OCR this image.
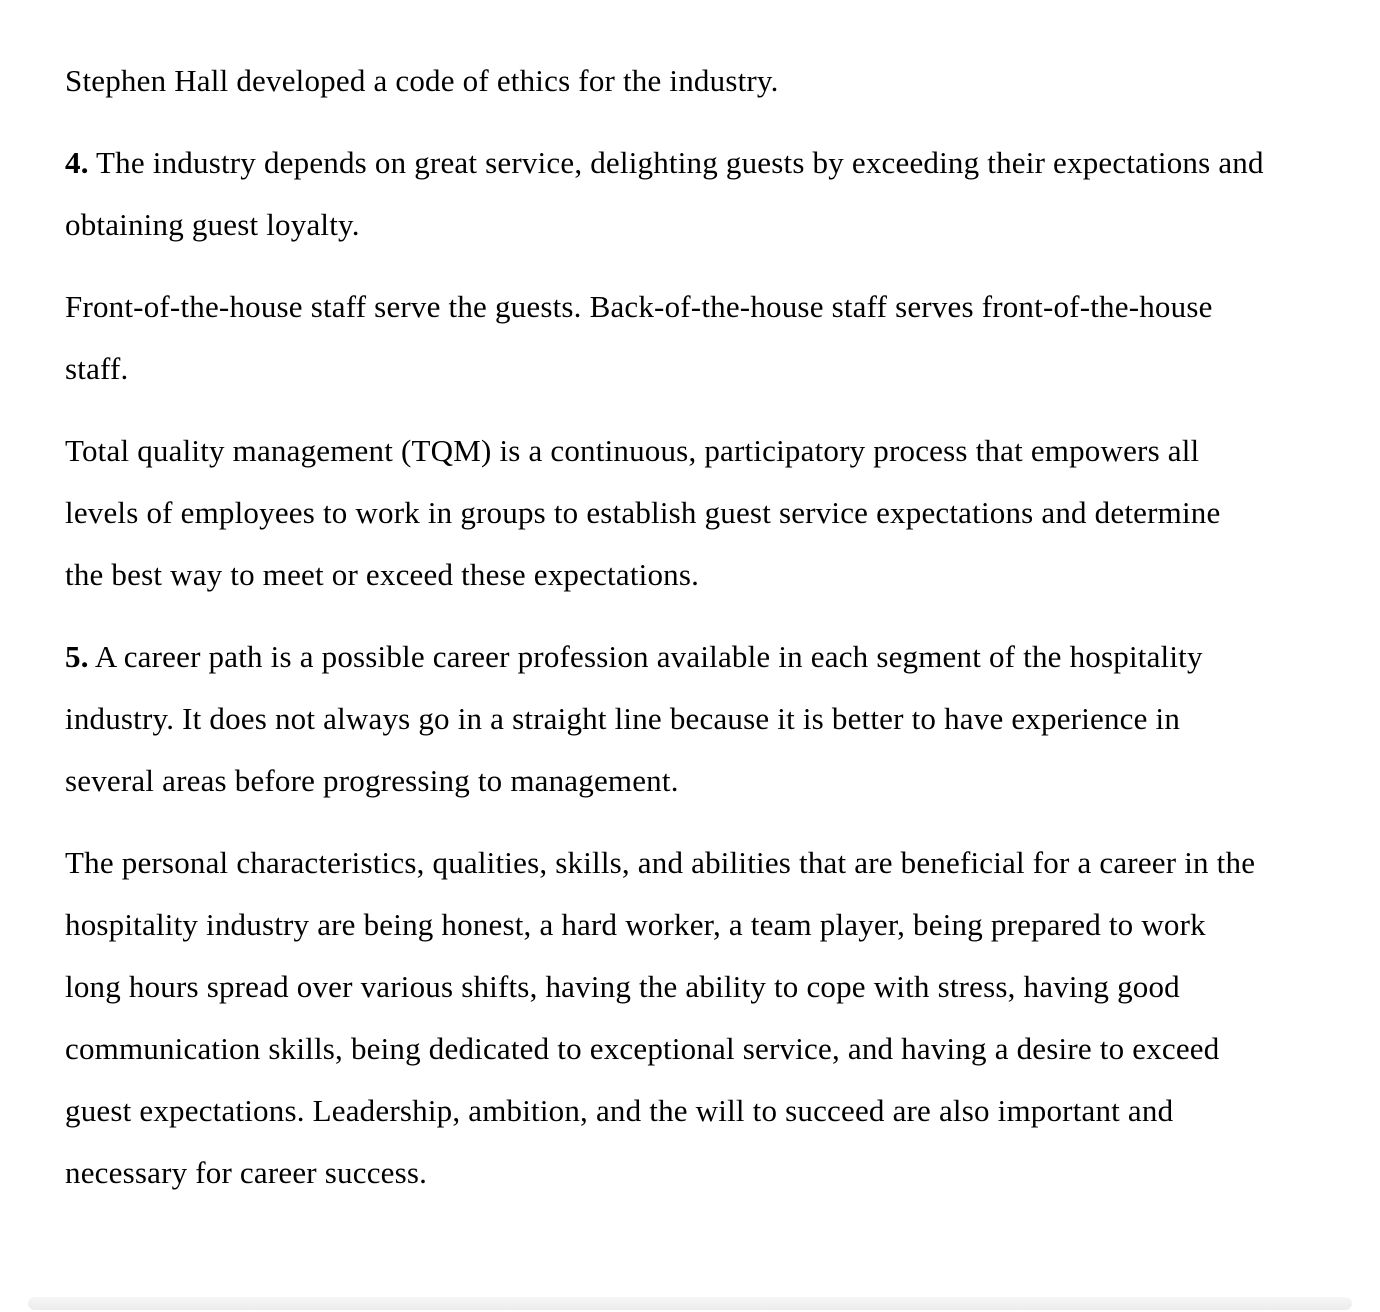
Stephen Hall developed a code of ethics for the industry.

4. The industry depends on great service, delighting guests by exceeding their expectations and obtaining guest loyalty.

Front-of-the-house staff serve the guests. Back-of-the-house staff serves front-of-the-house staff.

Total quality management (TQM) is a continuous, participatory process that empowers all levels of employees to work in groups to establish guest service expectations and determine the best way to meet or exceed these expectations.

5. A career path is a possible career profession available in each segment of the hospitality industry. It does not always go in a straight line because it is better to have experience in several areas before progressing to management.

The personal characteristics, qualities, skills, and abilities that are beneficial for a career in the hospitality industry are being honest, a hard worker, a team player, being prepared to work long hours spread over various shifts, having the ability to cope with stress, having good communication skills, being dedicated to exceptional service, and having a desire to exceed guest expectations. Leadership, ambition, and the will to succeed are also important and necessary for career success.
